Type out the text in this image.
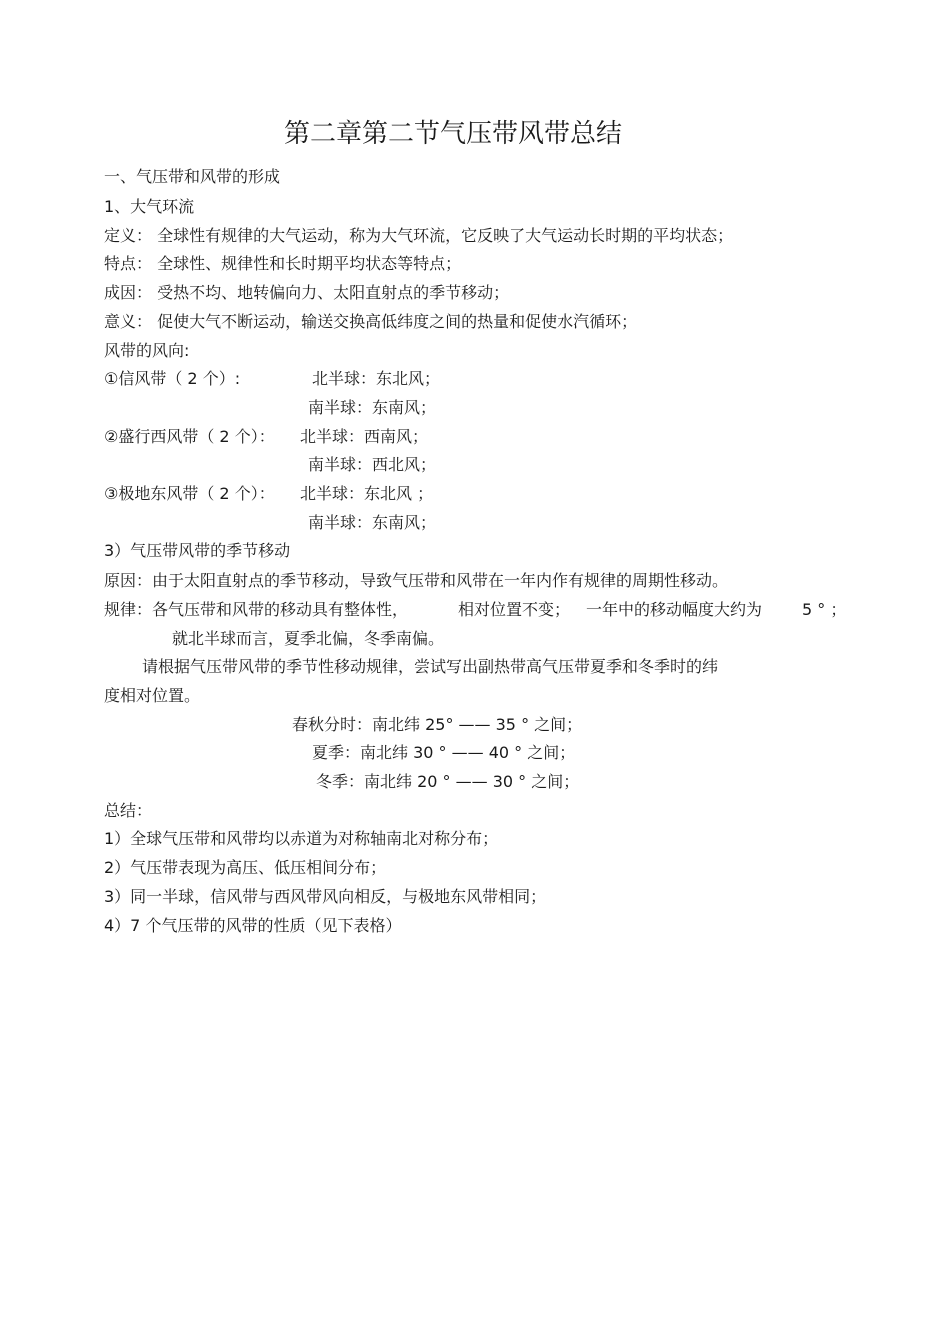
第二章第二节气压带风带总结
一、气压带和风带的形成
1、大气环流
定义： 全球性有规律的大气运动，称为大气环流，它反映了大气运动长时期的平均状态；
特点： 全球性、规律性和长时期平均状态等特点；
成因： 受热不均、地转偏向力、太阳直射点的季节移动；
意义： 促使大气不断运动，输送交换高低纬度之间的热量和促使水汽循环；
风带的风向:
①信风带（ 2 个）:	北半球：东北风；
南半球：东南风；
②盛行西风带（ 2 个）： 北半球：西南风；
南半球：西北风；
③极地东风带（ 2 个）： 北半球：东北风 ；
南半球：东南风；
3）气压带风带的季节移动
原因：由于太阳直射点的季节移动，导致气压带和风带在一年内作有规律的周期性移动。
规律：各气压带和风带的移动具有整体性，	相对位置不变； 一年中的移动幅度大约为 5 ° ；
就北半球而言，夏季北偏，冬季南偏。
请根据气压带风带的季节性移动规律，尝试写出副热带高气压带夏季和冬季时的纬
度相对位置。
春秋分时：南北纬 25° —— 35 ° 之间；
夏季：南北纬 30 ° —— 40 ° 之间；
冬季：南北纬 20 ° —— 30 ° 之间；
总结：
1）全球气压带和风带均以赤道为对称轴南北对称分布；
2）气压带表现为高压、低压相间分布；
3）同一半球，信风带与西风带风向相反，与极地东风带相同；
4）7 个气压带的风带的性质（见下表格）
